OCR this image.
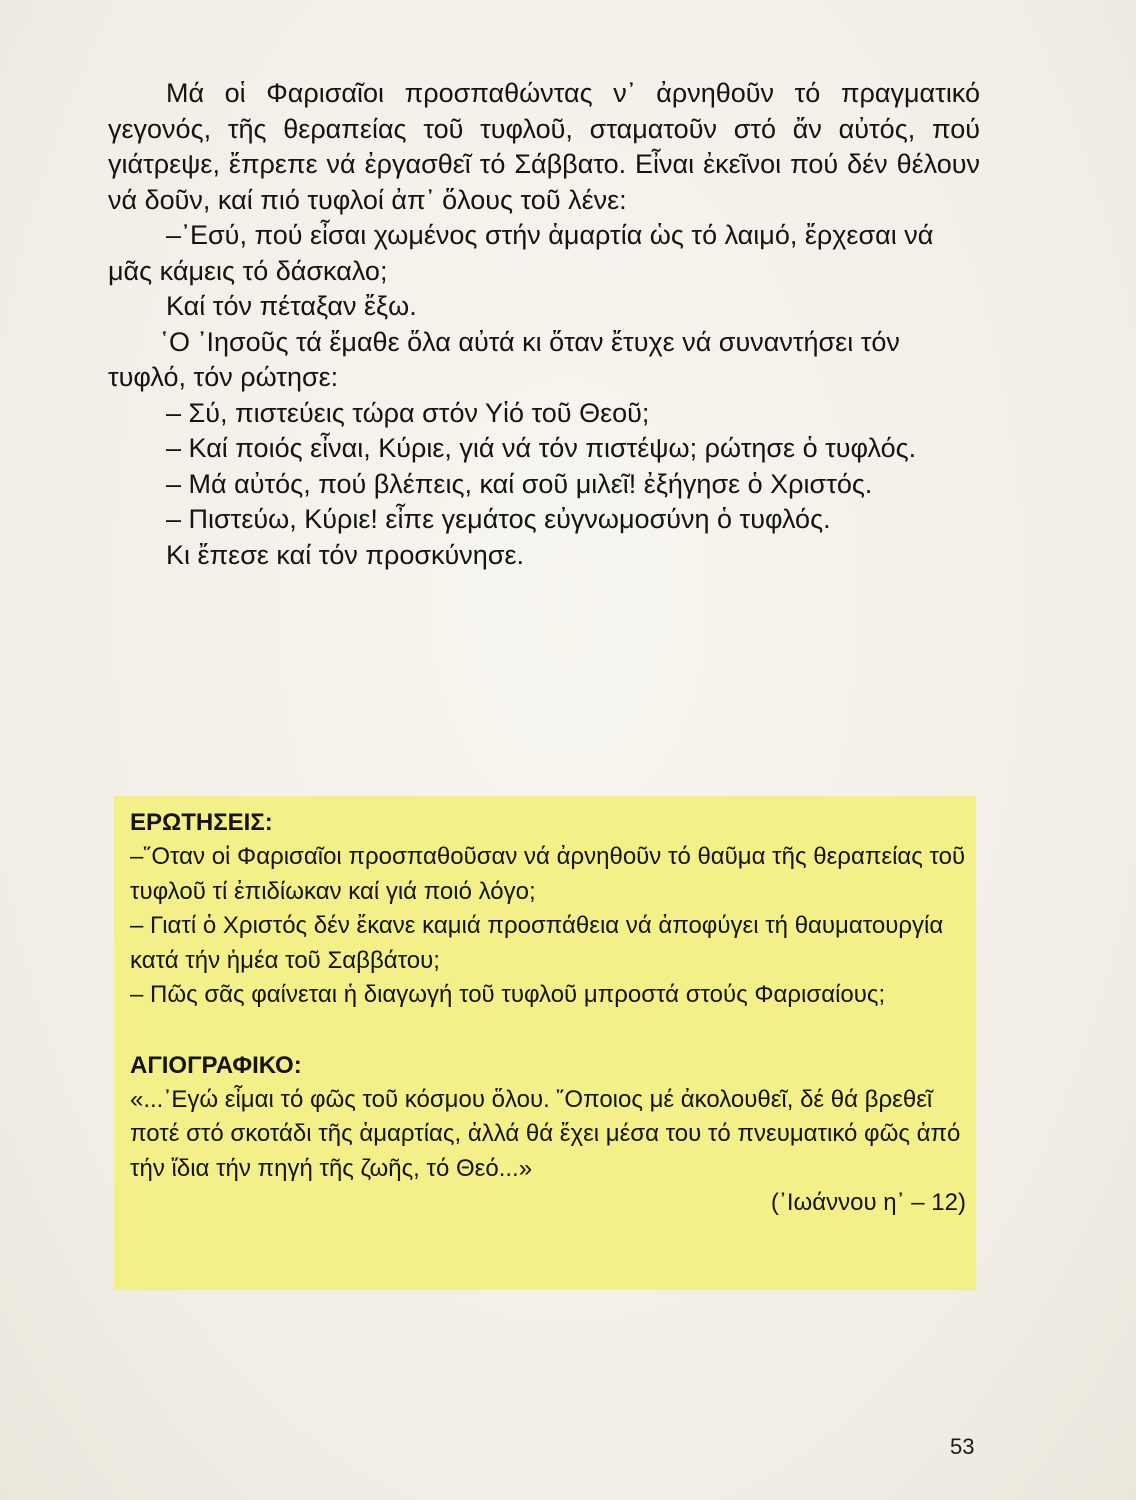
Μά οἱ Φαρισαῖοι προσπαθώντας ν᾿ ἀρνηθοῦν τό πραγματικό γεγονός, τῆς θεραπείας τοῦ τυφλοῦ, σταματοῦν στό ἄν αὐτός, πού γιάτρεψε, ἔπρεπε νά ἐργασθεῖ τό Σάββατο. Εἶναι ἐκεῖνοι πού δέν θέλουν νά δοῦν, καί πιό τυφλοί ἀπ᾿ ὅλους τοῦ λένε:

–᾿Εσύ, πού εἶσαι χωμένος στήν ἁμαρτία ὡς τό λαιμό, ἔρχεσαι νά μᾶς κάμεις τό δάσκαλο;

Καί τόν πέταξαν ἔξω.

῾Ο ᾿Ιησοῦς τά ἔμαθε ὅλα αὐτά κι ὅταν ἔτυχε νά συναντήσει τόν τυφλό, τόν ρώτησε:

– Σύ, πιστεύεις τώρα στόν Υἱό τοῦ Θεοῦ;

– Καί ποιός εἶναι, Κύριε, γιά νά τόν πιστέψω; ρώτησε ὁ τυφλός.

– Μά αὐτός, πού βλέπεις, καί σοῦ μιλεῖ! ἐξήγησε ὁ Χριστός.

– Πιστεύω, Κύριε! εἶπε γεμάτος εὐγνωμοσύνη ὁ τυφλός.

Κι ἔπεσε καί τόν προσκύνησε.

ΕΡΩΤΗΣΕΙΣ:

–῞Οταν οἱ Φαρισαῖοι προσπαθοῦσαν νά ἀρνηθοῦν τό θαῦμα τῆς θεραπείας τοῦ τυφλοῦ τί ἐπιδίωκαν καί γιά ποιό λόγο;

– Γιατί ὁ Χριστός δέν ἔκανε καμιά προσπάθεια νά ἀποφύγει τή θαυματουργία κατά τήν ἡμέα τοῦ Σαββάτου;

– Πῶς σᾶς φαίνεται ἡ διαγωγή τοῦ τυφλοῦ μπροστά στούς Φαρισαίους;

ΑΓΙΟΓΡΑΦΙΚΟ:

«...᾿Εγώ εἶμαι τό φῶς τοῦ κόσμου ὅλου. ῞Οποιος μέ ἀκολουθεῖ, δέ θά βρεθεῖ ποτέ στό σκοτάδι τῆς ἁμαρτίας, ἀλλά θά ἔχει μέσα του τό πνευματικό φῶς ἀπό τήν ἴδια τήν πηγή τῆς ζωῆς, τό Θεό...»

(᾿Ιωάννου η᾿ – 12)

53
